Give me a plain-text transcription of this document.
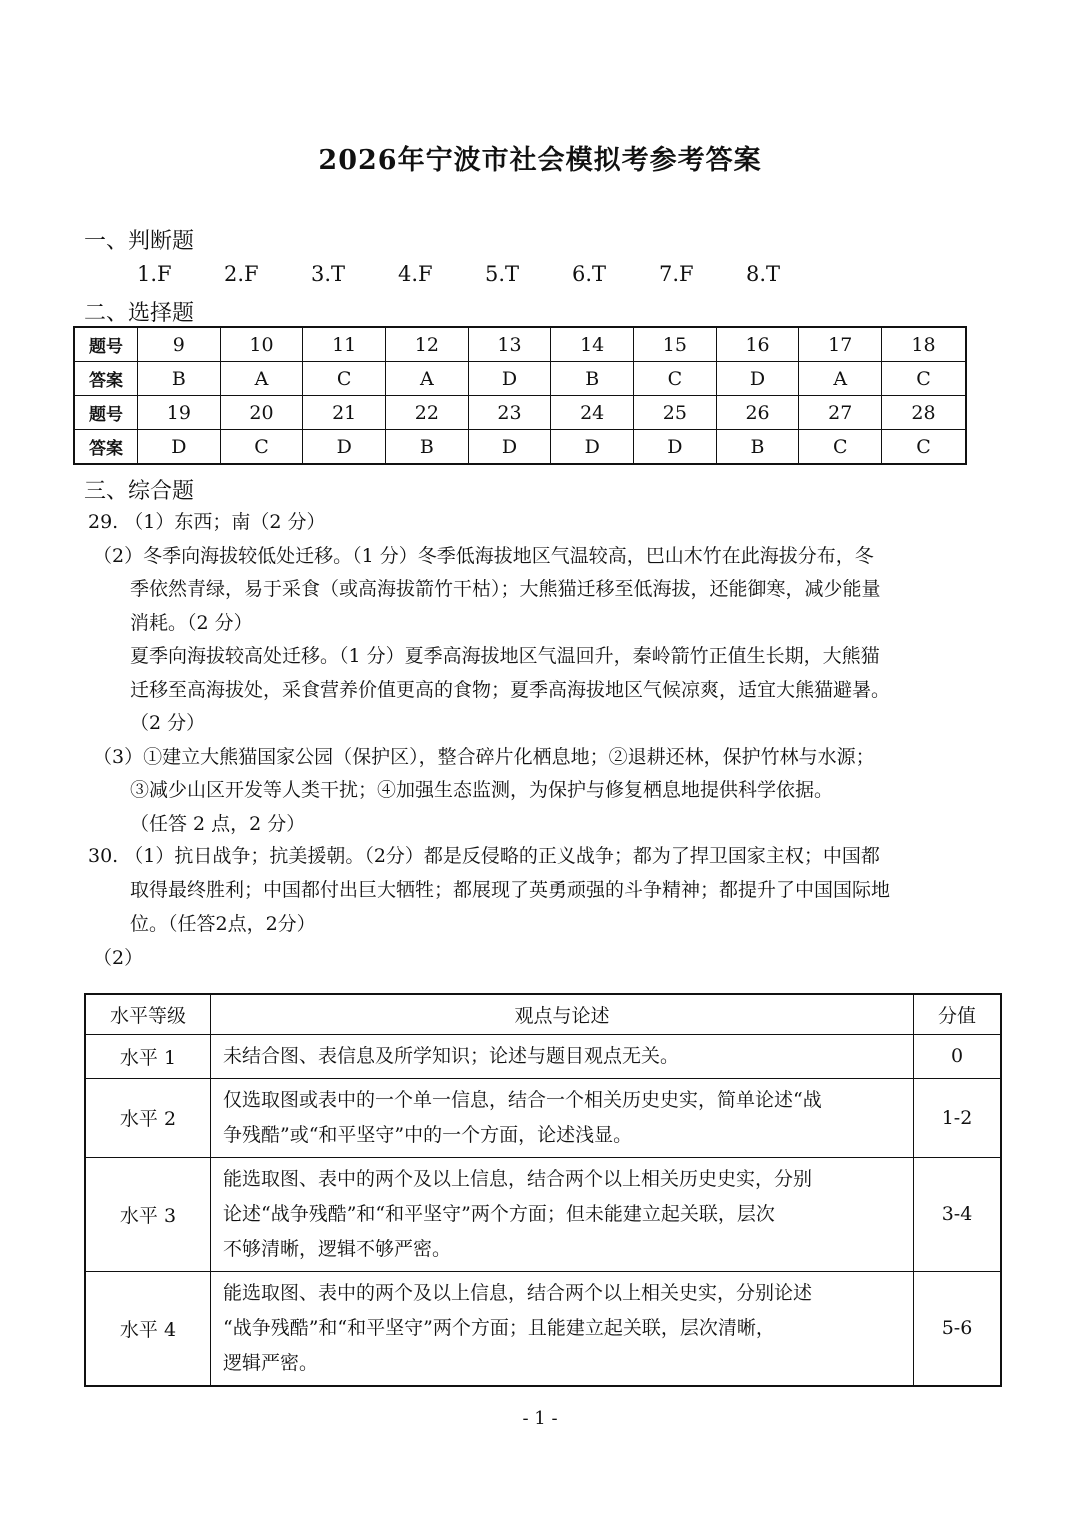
2026年宁波市社会模拟考参考答案
一、判断题
1.F 2.F 3.T	4.F 5.T	6.T	7.F 8.T
二、选择题
题号	9	10	11	12	13	14	15	16	17	18
答案	B	A	C	A	D	B	C	D	A	C
题号	19	20	21	22	23	24	25	26	27	28
答案	D	C	D	B	D	D	D	B	C	C
三、综合题
29. （1）东西；南（2 分）
（2）冬季向海拔较低处迁移。（1 分）冬季低海拔地区气温较高，巴山木竹在此海拔分布，冬
季依然青绿，易于采食（或高海拔箭竹干枯）；大熊猫迁移至低海拔，还能御寒，减少能量
消耗。（2 分）
夏季向海拔较高处迁移。（1 分）夏季高海拔地区气温回升，秦岭箭竹正值生长期，大熊猫
迁移至高海拔处，采食营养价值更高的食物；夏季高海拔地区气候凉爽，适宜大熊猫避暑。
（2 分）
（3）①建立大熊猫国家公园（保护区），整合碎片化栖息地；②退耕还林，保护竹林与水源；
③减少山区开发等人类干扰；④加强生态监测，为保护与修复栖息地提供科学依据。
（任答 2 点，2 分）
30. （1）抗日战争；抗美援朝。（2分）都是反侵略的正义战争；都为了捍卫国家主权；中国都
取得最终胜利；中国都付出巨大牺牲；都展现了英勇顽强的斗争精神；都提升了中国国际地
位。（任答2点，2分）
（2）
水平等级	观点与论述	分值
水平 1	未结合图、表信息及所学知识；论述与题目观点无关。	0
水平 2	仅选取图或表中的一个单一信息，结合一个相关历史史实，简单论述“战
争残酷”或“和平坚守”中的一个方面，论述浅显。	1-2
水平 3	能选取图、表中的两个及以上信息，结合两个以上相关历史史实，分别
论述“战争残酷”和“和平坚守”两个方面；但未能建立起关联，层次
不够清晰，逻辑不够严密。	3-4
水平 4	能选取图、表中的两个及以上信息，结合两个以上相关史实，分别论述
“战争残酷”和“和平坚守”两个方面；且能建立起关联，层次清晰，
逻辑严密。	5-6
- 1 -
